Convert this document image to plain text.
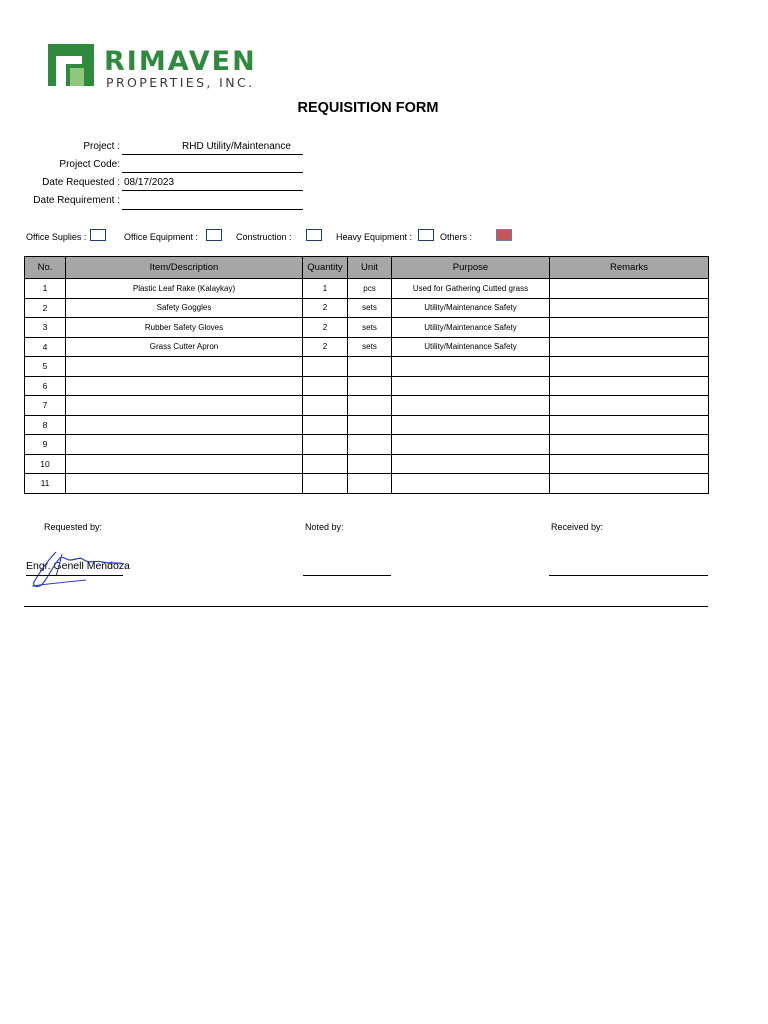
RIMAVEN
PROPERTIES, INC.
REQUISITION FORM
Project :	RHD Utility/Maintenance
Project Code:
Date Requested : 08/17/2023
Date Requirement :
Office Suplies :	Office Equipment :	Construction :	Heavy Equipment :	Others :
No.	Item/Description	Quantity	Unit	Purpose	Remarks
1	Plastic Leaf Rake (Kalaykay)	1	pcs	Used for Gathering Cutted grass	
2	Safety Goggles	2	sets	Utility/Maintenance Safety	
3	Rubber Safety Gloves	2	sets	Utility/Maintenance Safety	
4	Grass Cutter Apron	2	sets	Utility/Maintenance Safety	
5					
6					
7					
8					
9					
10					
11					
Requested by:	Noted by:	Received by:
Engr. Genell Mendoza
